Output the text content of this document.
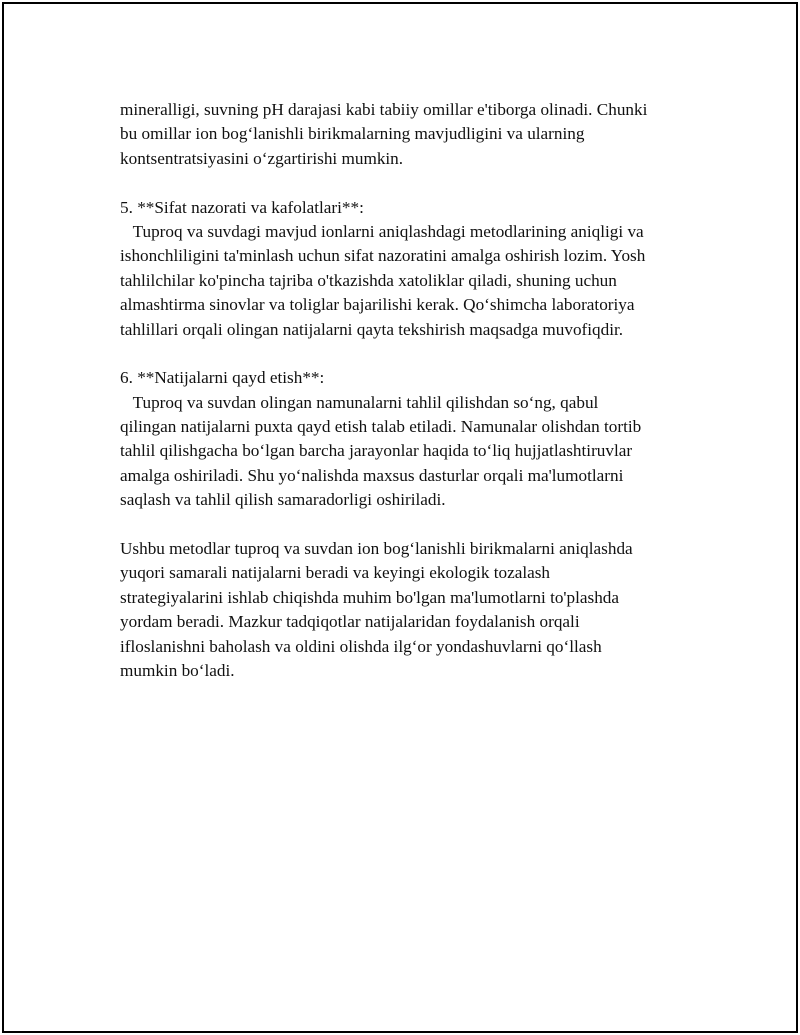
mineralligi, suvning pH darajasi kabi tabiiy omillar e'tiborga olinadi. Chunki
bu omillar ion bog‘lanishli birikmalarning mavjudligini va ularning
kontsentratsiyasini o‘zgartirishi mumkin.
5. **Sifat nazorati va kafolatlari**:
Tuproq va suvdagi mavjud ionlarni aniqlashdagi metodlarining aniqligi va
ishonchliligini ta'minlash uchun sifat nazoratini amalga oshirish lozim. Yosh
tahlilchilar ko'pincha tajriba o'tkazishda xatoliklar qiladi, shuning uchun
almashtirma sinovlar va toliglar bajarilishi kerak. Qo‘shimcha laboratoriya
tahlillari orqali olingan natijalarni qayta tekshirish maqsadga muvofiqdir.
6. **Natijalarni qayd etish**:
Tuproq va suvdan olingan namunalarni tahlil qilishdan so‘ng, qabul
qilingan natijalarni puxta qayd etish talab etiladi. Namunalar olishdan tortib
tahlil qilishgacha bo‘lgan barcha jarayonlar haqida to‘liq hujjatlashtiruvlar
amalga oshiriladi. Shu yo‘nalishda maxsus dasturlar orqali ma'lumotlarni
saqlash va tahlil qilish samaradorligi oshiriladi.
Ushbu metodlar tuproq va suvdan ion bog‘lanishli birikmalarni aniqlashda
yuqori samarali natijalarni beradi va keyingi ekologik tozalash
strategiyalarini ishlab chiqishda muhim bo'lgan ma'lumotlarni to'plashda
yordam beradi. Mazkur tadqiqotlar natijalaridan foydalanish orqali
ifloslanishni baholash va oldini olishda ilg‘or yondashuvlarni qo‘llash
mumkin bo‘ladi.
